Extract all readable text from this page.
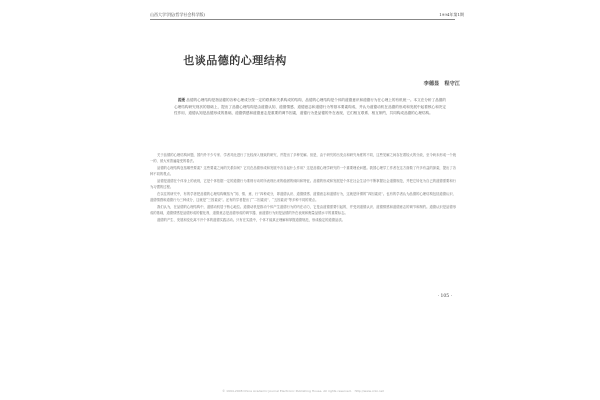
山西大学学报(哲学社会科学版)	1994年第1期
也谈品德的心理结构
李德显　程守江
提要 品德的心理结构是指品德的各种心理成分按一定的联系和关系构成的结构，品德的心理结构是个体的道德意识和道德行为在心理上的有机统一。本文在分析了品德的心理结构研究现状的基础上，提出了品德心理结构是由道德认知、道德情感、道德意志和道德行为等基本要素构成，并认为道德动机在品德的形成和发展中起着核心和决定性作用，道德认知是品德形成的基础，道德情感和道德意志是重要的调节因素，道德行为是品德的外在表现，它们相互联系、相互制约，共同构成品德的心理结构。

关于品德的心理结构问题，国内外不少专家、学者对此进行了比较深入细致的研究，并提出了多种见解。但是，由于研究的出发点和研究角度的不同，这些见解之间存在着较大的分歧，至今尚未形成一个统一的、被大家普遍接受的看法。

品德的心理结构包括哪些要素？这些要素之间的关系如何？它们在品德形成和发展中各自起什么作用？这是品德心理学研究的一个重要理论问题。我国心理学工作者在这方面做了许多有益的探索，提出了各种不同的观点。

品德是道德在个体身上的表现，它是个体依据一定的道德行为准则行动时所表现出来的稳固的倾向和特征。品德的形成和发展是个体在社会生活中不断掌握社会道德规范，并把它转化为自己的道德需要和行为习惯的过程。

在以往的研究中，有的学者把品德的心理结构概括为“知、情、意、行”四种成分，即道德认识、道德情感、道德意志和道德行为，这就是所谓的“四因素说”。也有的学者认为品德的心理结构包括道德认识、道德情感和道德行为三种成分，这就是“三因素说”。还有的学者提出了“二因素说”、“五因素说”等多种不同的观点。

我们认为，在品德的心理结构中，道德动机居于核心地位。道德动机是推动个体产生道德行为的内在动力，它是由道德需要引起的，并受到道德认识、道德情感和道德意志的调节和制约。道德认识是品德形成的基础，道德情感是品德形成的催化剂，道德意志是品德形成的调节器，而道德行为则是品德的外在表现和衡量品德水平的重要标志。

道德的产生、发展和变化离不开个体的道德实践活动。只有在实践中，个体才能真正理解和掌握道德规范，形成稳定的道德品质。

· 105 ·
© 1994-2008 China Academic Journal Electronic Publishing House. All rights reserved.　http://www.cnki.net
